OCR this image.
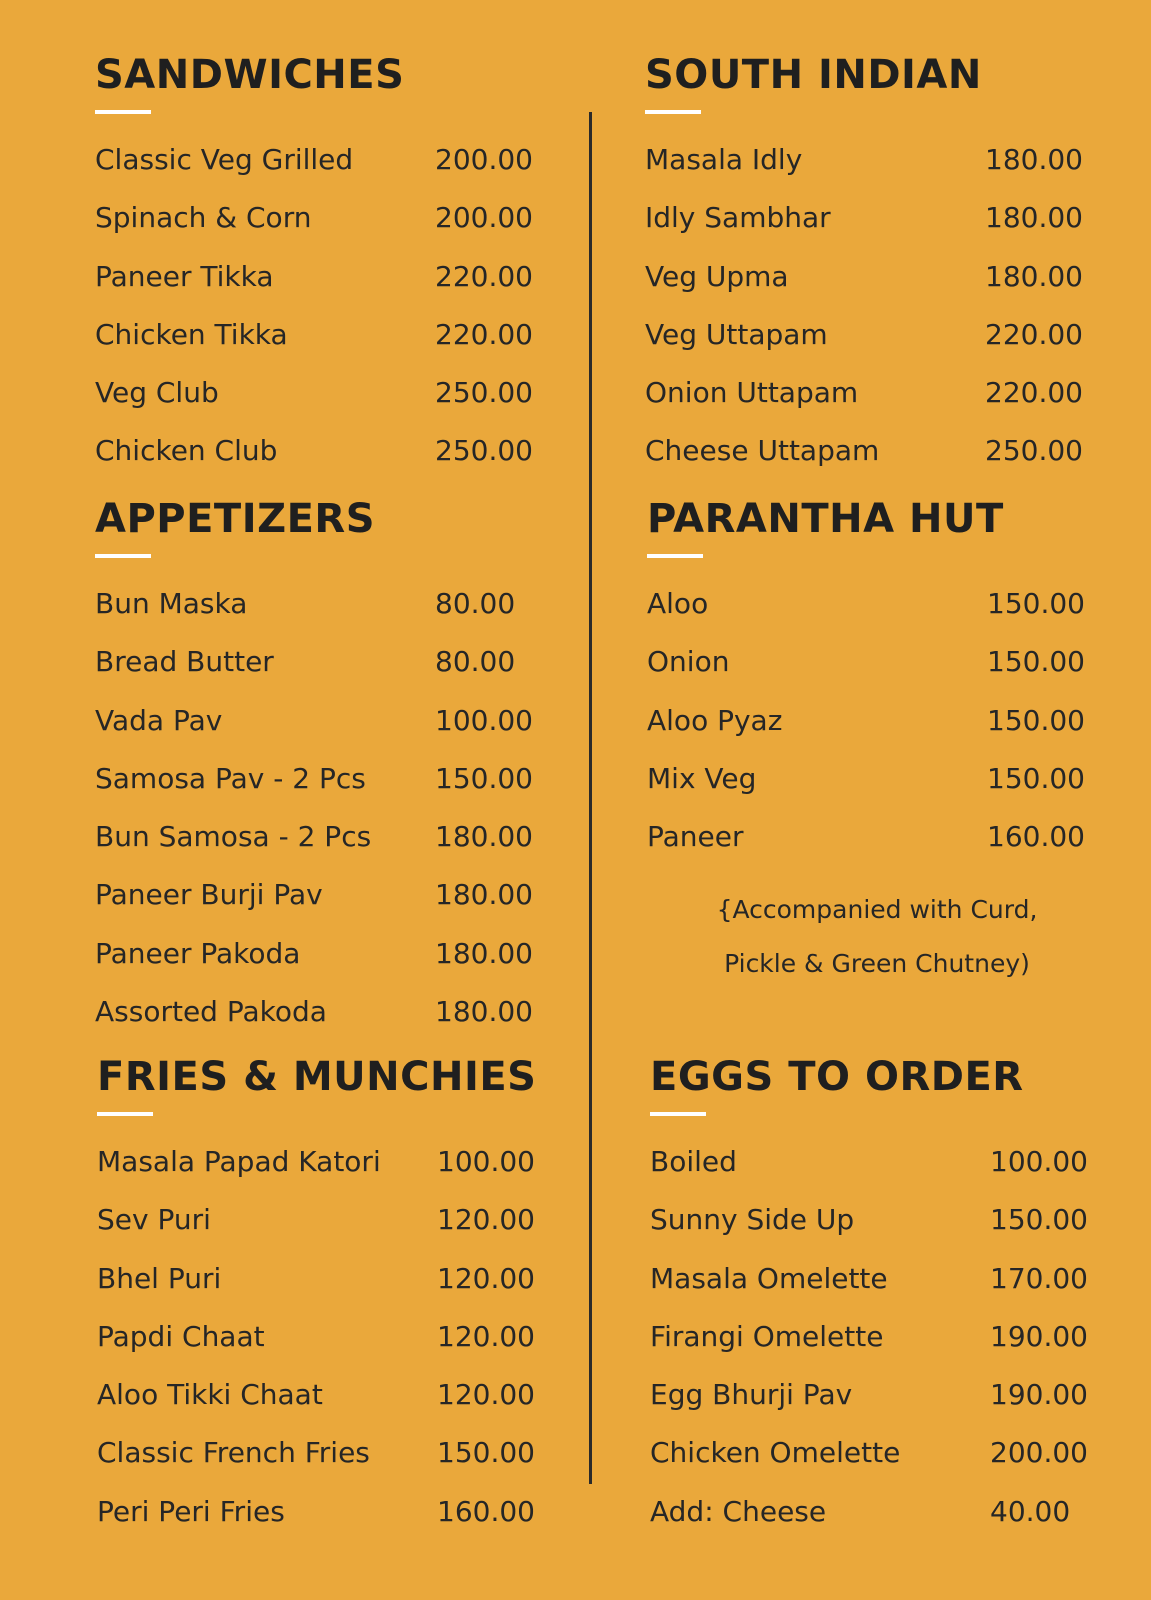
SANDWICHES
Classic Veg Grilled	200.00
Spinach & Corn	200.00
Paneer Tikka	220.00
Chicken Tikka	220.00
Veg Club	250.00
Chicken Club	250.00
APPETIZERS
Bun Maska	80.00
Bread Butter	80.00
Vada Pav	100.00
Samosa Pav - 2 Pcs 150.00
Bun Samosa - 2 Pcs 180.00
Paneer Burji Pav	180.00
Paneer Pakoda	180.00
Assorted Pakoda	180.00
FRIES & MUNCHIES
Masala Papad Katori 100.00
Sev Puri	120.00
Bhel Puri	120.00
Papdi Chaat	120.00
Aloo Tikki Chaat	120.00
Classic French Fries 150.00
Peri Peri Fries	160.00
SOUTH INDIAN
Masala Idly	180.00
Idly Sambhar	180.00
Veg Upma	180.00
Veg Uttapam	220.00
Onion Uttapam	220.00
Cheese Uttapam	250.00
PARANTHA HUT
Aloo	150.00
Onion	150.00
Aloo Pyaz	150.00
Mix Veg	150.00
Paneer	160.00
{Accompanied with Curd,
Pickle & Green Chutney)
EGGS TO ORDER
Boiled	100.00
Sunny Side Up	150.00
Masala Omelette	170.00
Firangi Omelette	190.00
Egg Bhurji Pav	190.00
Chicken Omelette	200.00
Add: Cheese	40.00
